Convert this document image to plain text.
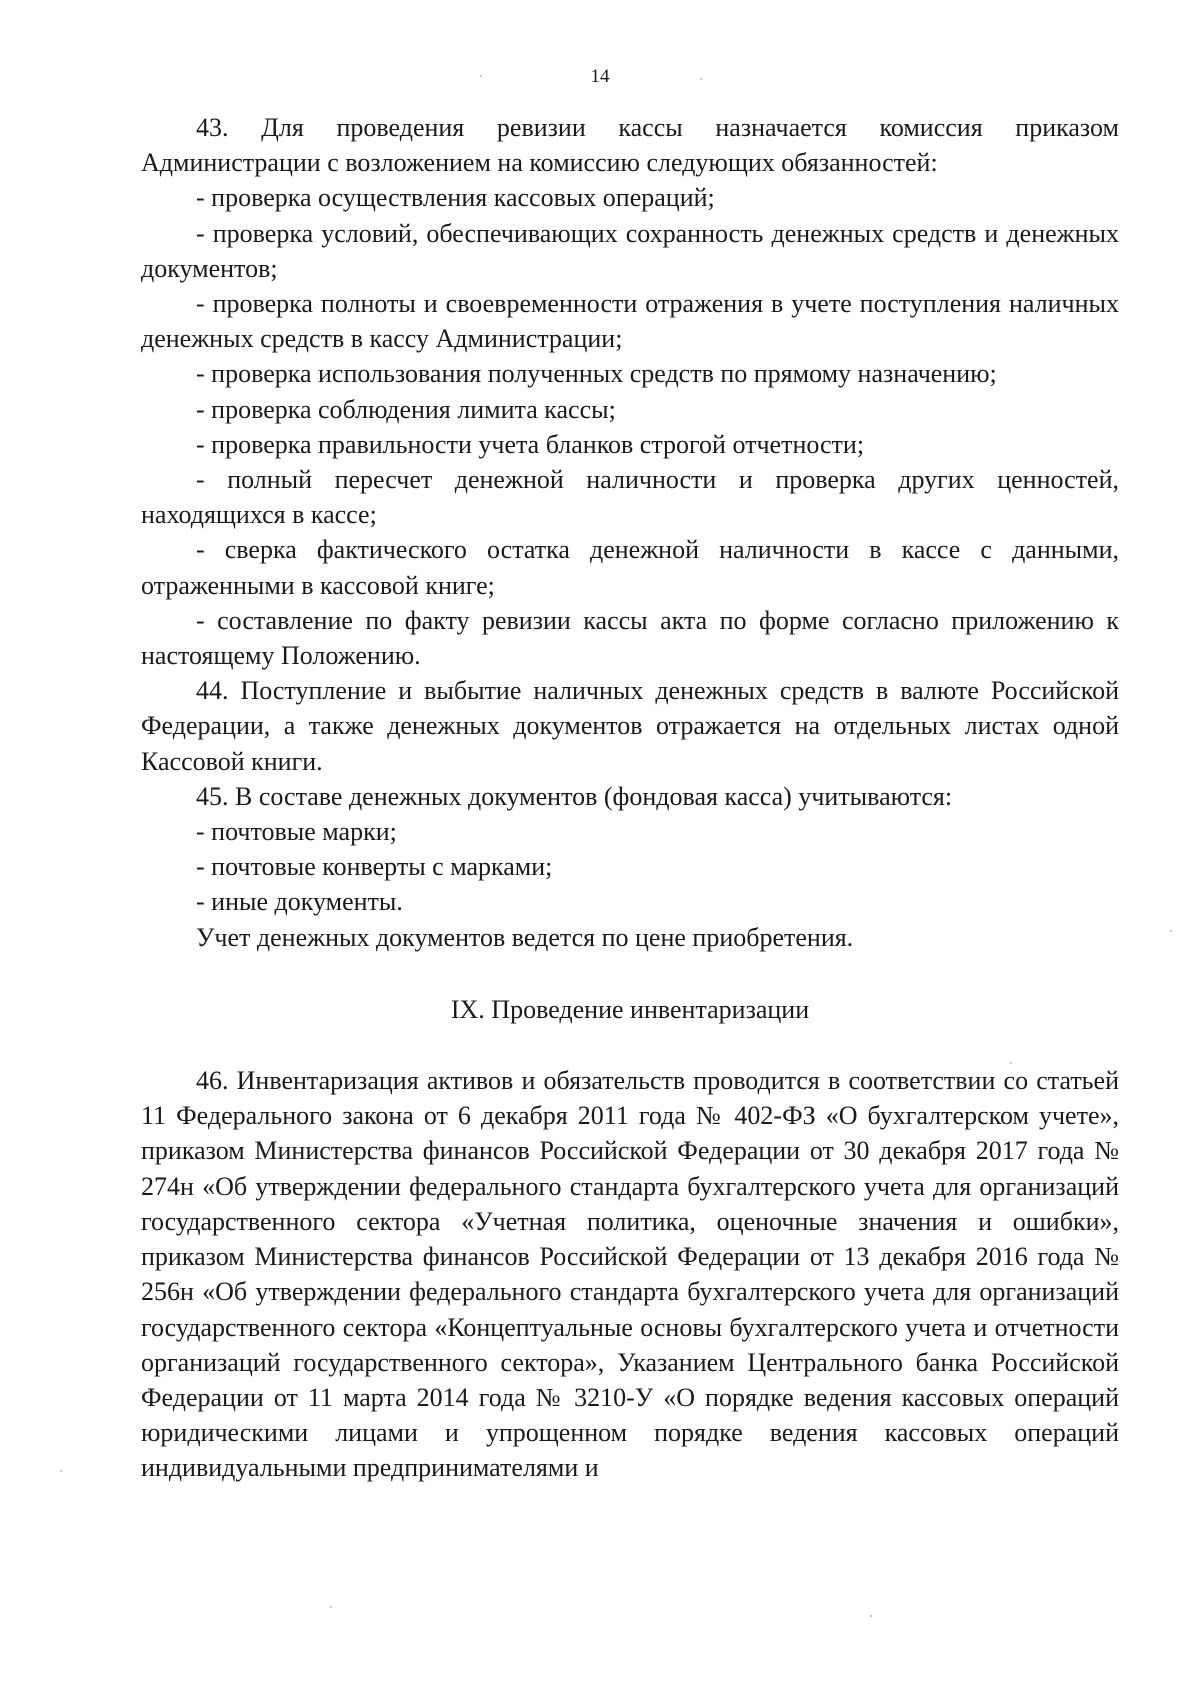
14

43. Для проведения ревизии кассы назначается комиссия приказом Администрации с возложением на комиссию следующих обязанностей:

- проверка осуществления кассовых операций;

- проверка условий, обеспечивающих сохранность денежных средств и денежных документов;

- проверка полноты и своевременности отражения в учете поступления наличных денежных средств в кассу Администрации;

- проверка использования полученных средств по прямому назначению;

- проверка соблюдения лимита кассы;

- проверка правильности учета бланков строгой отчетности;

- полный пересчет денежной наличности и проверка других ценностей, находящихся в кассе;

- сверка фактического остатка денежной наличности в кассе с данными, отраженными в кассовой книге;

- составление по факту ревизии кассы акта по форме согласно приложению к настоящему Положению.

44. Поступление и выбытие наличных денежных средств в валюте Российской Федерации, а также денежных документов отражается на отдельных листах одной Кассовой книги.

45. В составе денежных документов (фондовая касса) учитываются:

- почтовые марки;

- почтовые конверты с марками;

- иные документы.

Учет денежных документов ведется по цене приобретения.

IX. Проведение инвентаризации

46. Инвентаризация активов и обязательств проводится в соответствии со статьей 11 Федерального закона от 6 декабря 2011 года № 402-ФЗ «О бухгалтерском учете», приказом Министерства финансов Российской Федерации от 30 декабря 2017 года № 274н «Об утверждении федерального стандарта бухгалтерского учета для организаций государственного сектора «Учетная политика, оценочные значения и ошибки», приказом Министерства финансов Российской Федерации от 13 декабря 2016 года № 256н «Об утверждении федерального стандарта бухгалтерского учета для организаций государственного сектора «Концептуальные основы бухгалтерского учета и отчетности организаций государственного сектора», Указанием Центрального банка Российской Федерации от 11 марта 2014 года № 3210-У «О порядке ведения кассовых операций юридическими лицами и упрощенном порядке ведения кассовых операций индивидуальными предпринимателями и
